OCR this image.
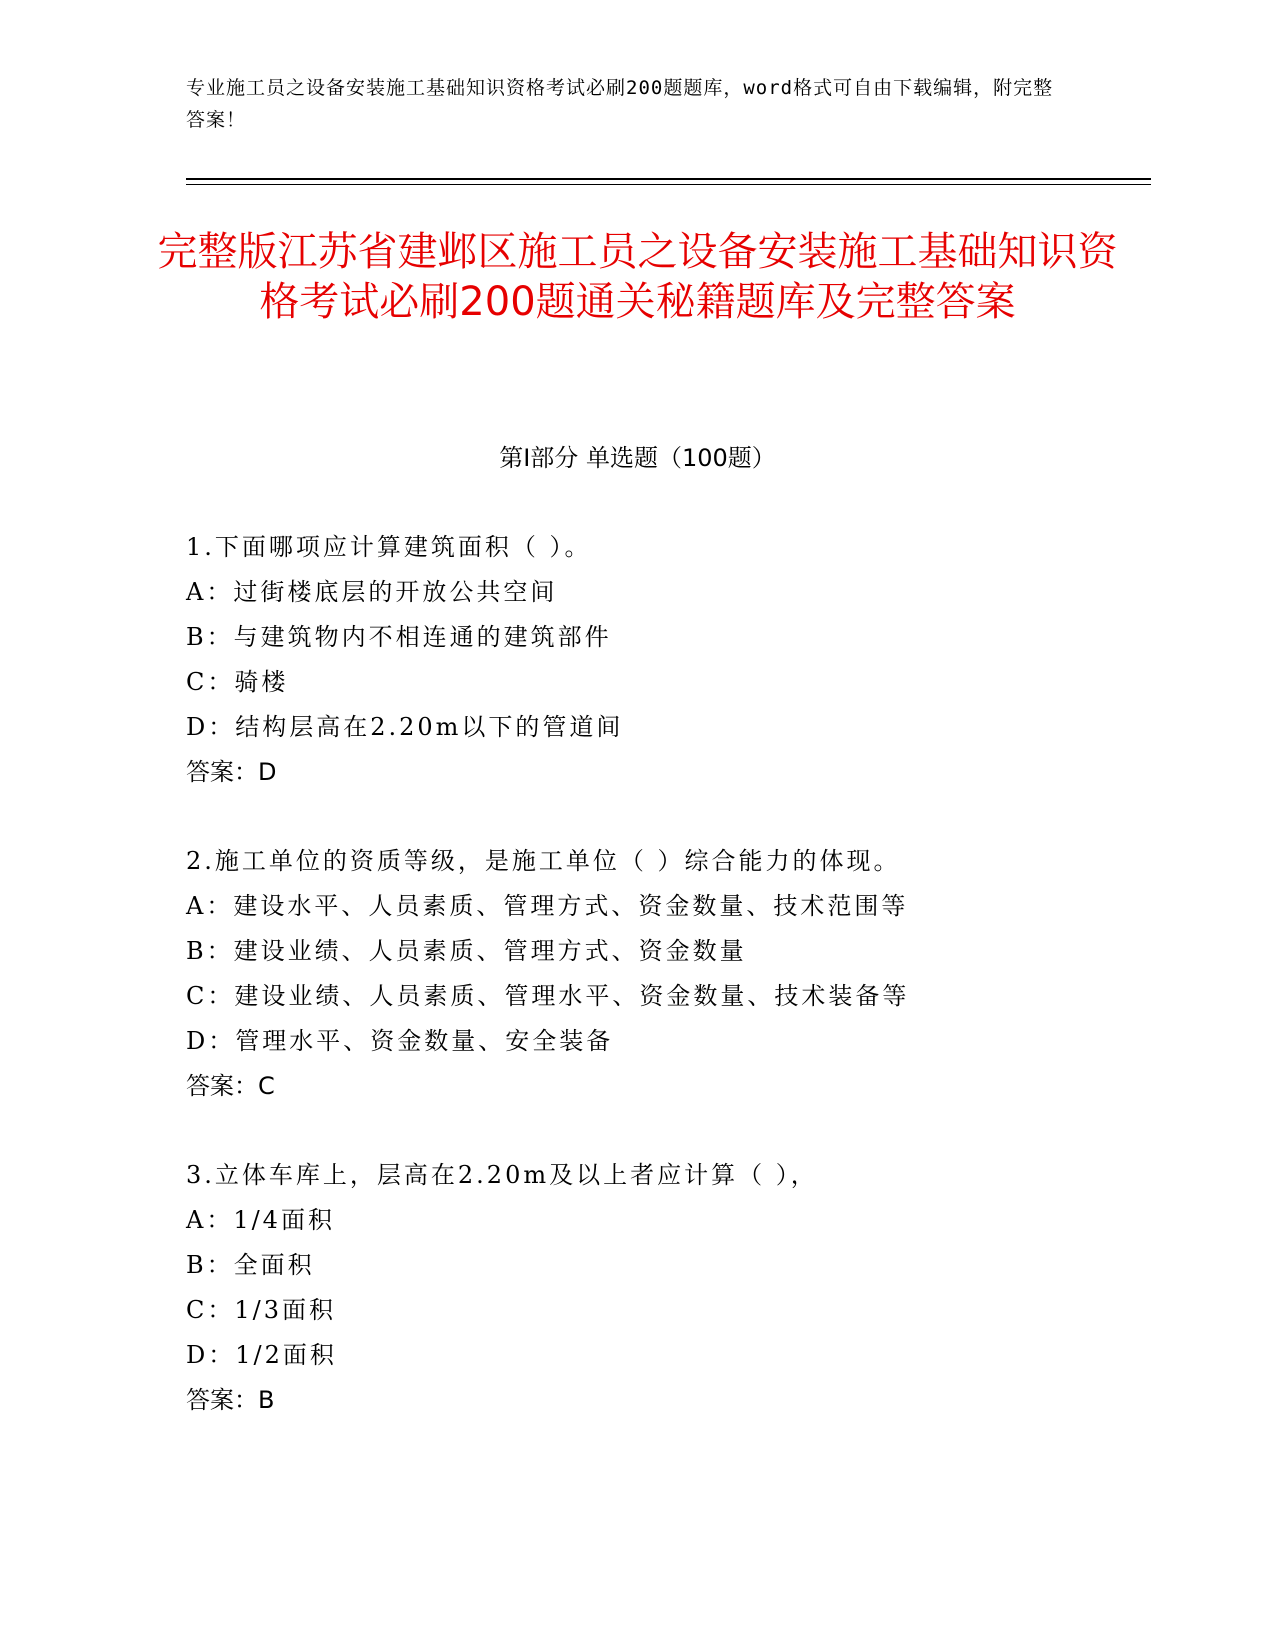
专业施工员之设备安装施工基础知识资格考试必刷200题题库，word格式可自由下载编辑，附完整答案！
完整版江苏省建邺区施工员之设备安装施工基础知识资格考试必刷200题通关秘籍题库及完整答案
第Ⅰ部分 单选题（100题）
1.下面哪项应计算建筑面积（ ）。
A：过街楼底层的开放公共空间
B：与建筑物内不相连通的建筑部件
C：骑楼
D：结构层高在2.20m以下的管道间
答案：D
2.施工单位的资质等级，是施工单位（ ）综合能力的体现。
A：建设水平、人员素质、管理方式、资金数量、技术范围等
B：建设业绩、人员素质、管理方式、资金数量
C：建设业绩、人员素质、管理水平、资金数量、技术装备等
D：管理水平、资金数量、安全装备
答案：C
3.立体车库上，层高在2.20m及以上者应计算（ ），
A：1/4面积
B：全面积
C：1/3面积
D：1/2面积
答案：B
